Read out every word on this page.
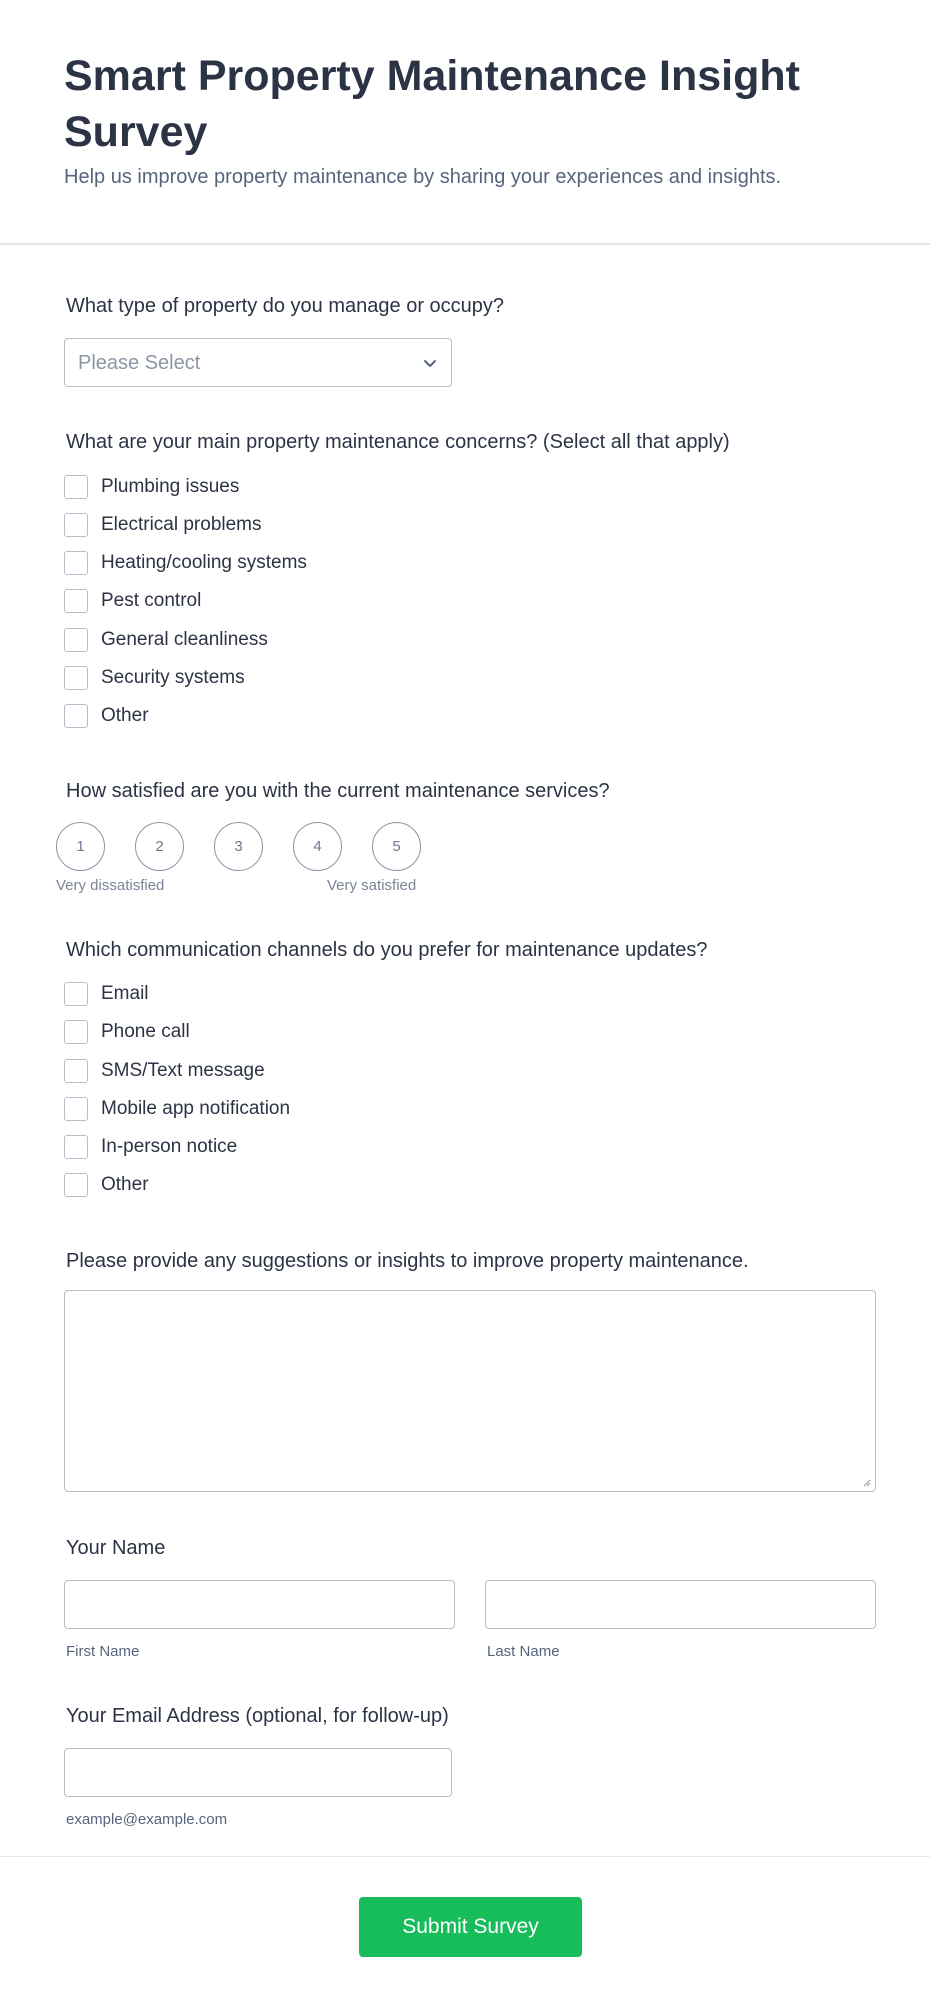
Smart Property Maintenance Insight Survey
Help us improve property maintenance by sharing your experiences and insights.
What type of property do you manage or occupy?
Please Select
What are your main property maintenance concerns? (Select all that apply)
Plumbing issues
Electrical problems
Heating/cooling systems
Pest control
General cleanliness
Security systems
Other
How satisfied are you with the current maintenance services?
1	2	3	4	5
Very dissatisfied	Very satisfied
Which communication channels do you prefer for maintenance updates?
Email
Phone call
SMS/Text message
Mobile app notification
In-person notice
Other
Please provide any suggestions or insights to improve property maintenance.
Your Name
First Name	Last Name
Your Email Address (optional, for follow-up)
example@example.com
Submit Survey
